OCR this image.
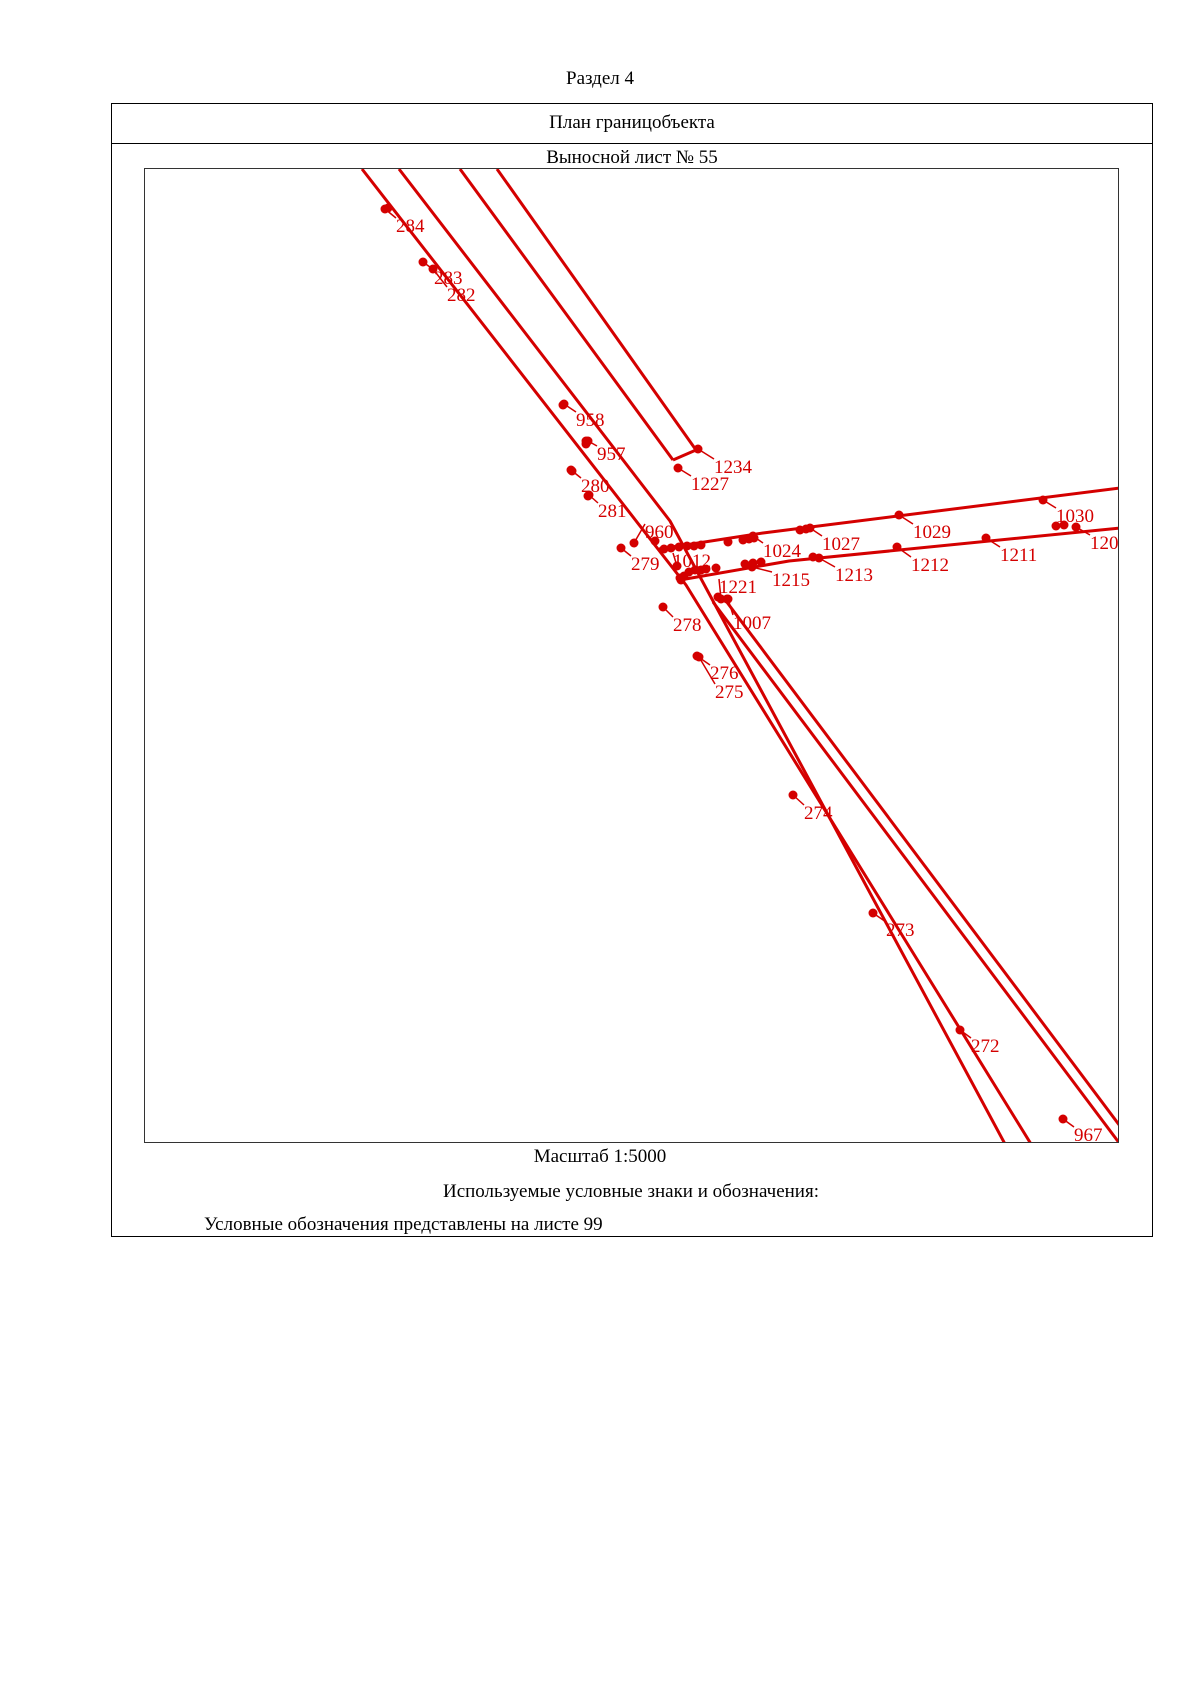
Раздел 4
План границобъекта
Выносной лист № 55
284
283
282
958
957
280
281
960
279 1012
1234
1227
1024 1027
1029
1030
120
1215 1213 1212	1211
1221
1007
278
276
275
274
273
272
967
Масштаб 1:5000
Используемые условные знаки и обозначения:
Условные обозначения представлены на листе 99
